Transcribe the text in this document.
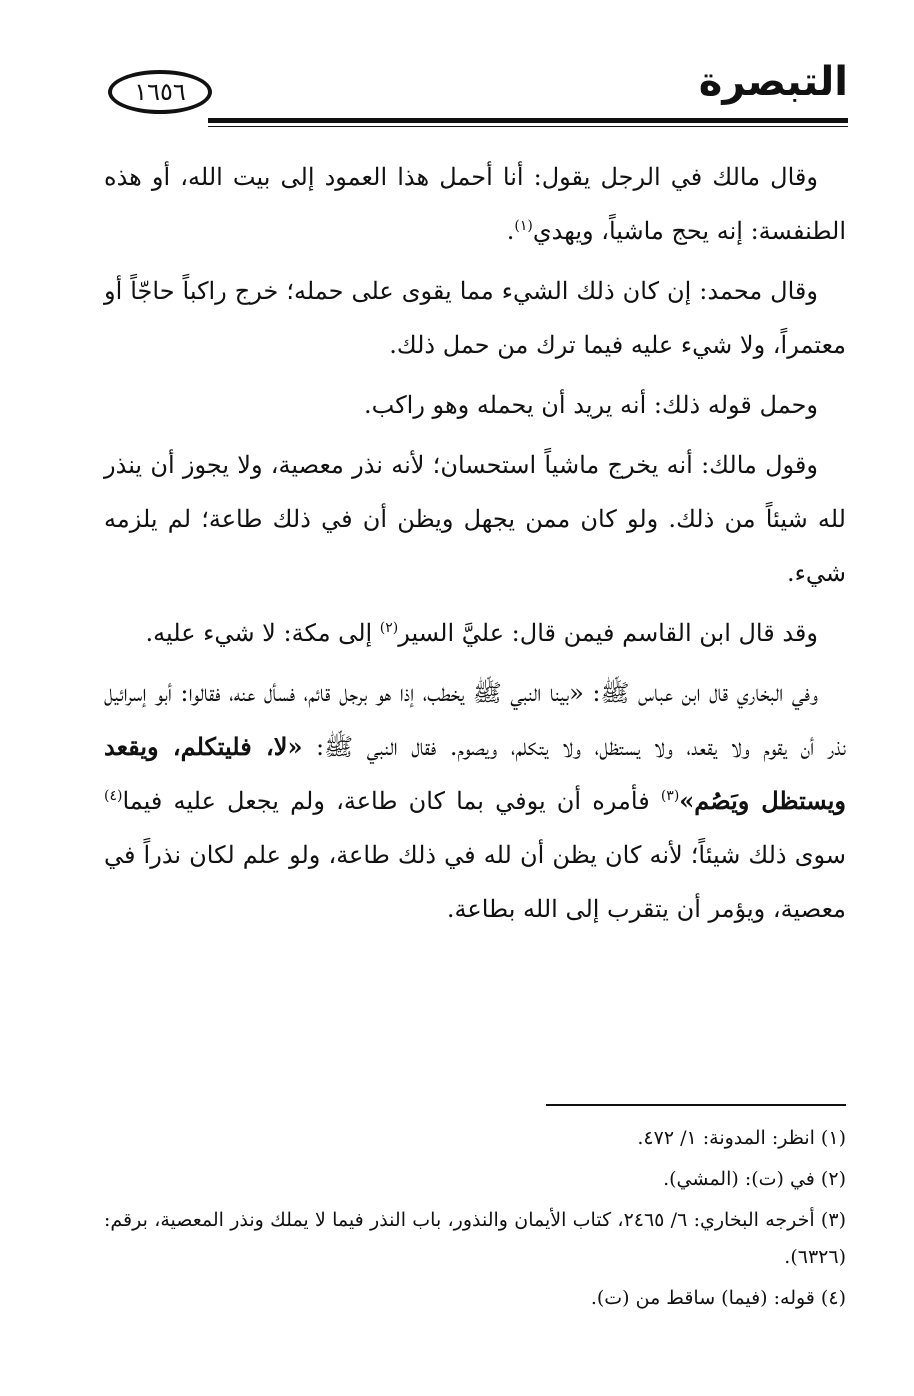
التبصرة
١٦٥٦

وقال مالك في الرجل يقول: أنا أحمل هذا العمود إلى بيت الله، أو هذه الطنفسة: إنه يحج ماشياً، ويهدي$^{(١)}$.

وقال محمد: إن كان ذلك الشيء مما يقوى على حمله؛ خرج راكباً حاجّاً أو معتمراً، ولا شيء عليه فيما ترك من حمل ذلك.

وحمل قوله ذلك: أنه يريد أن يحمله وهو راكب.

وقول مالك: أنه يخرج ماشياً استحسان؛ لأنه نذر معصية، ولا يجوز أن ينذر لله شيئاً من ذلك. ولو كان ممن يجهل ويظن أن في ذلك طاعة؛ لم يلزمه شيء.

وقد قال ابن القاسم فيمن قال: عليَّ السير$^{(٢)}$ إلى مكة: لا شيء عليه.

وفي البخاري قال ابن عباس ﷺ: «بينا النبي ﷺ يخطب، إذا هو برجل قائم، فسأل عنه، فقالوا: أبو إسرائيل نذر أن يقوم ولا يقعد، ولا يستظل، ولا يتكلم، ويصوم. فقال النبي ﷺ: «لا، فليتكلم، ويقعد ويستظل ويَصُم»$^{(٣)}$ فأمره أن يوفي بما كان طاعة، ولم يجعل عليه فيما$^{(٤)}$ سوى ذلك شيئاً؛ لأنه كان يظن أن لله في ذلك طاعة، ولو علم لكان نذراً في معصية، ويؤمر أن يتقرب إلى الله بطاعة.

(١) انظر: المدونة: ١/ ٤٧٢.

(٢) في (ت): (المشي).

(٣) أخرجه البخاري: ٦/ ٢٤٦٥، كتاب الأيمان والنذور، باب النذر فيما لا يملك ونذر المعصية، برقم: (٦٣٢٦).

(٤) قوله: (فيما) ساقط من (ت).
